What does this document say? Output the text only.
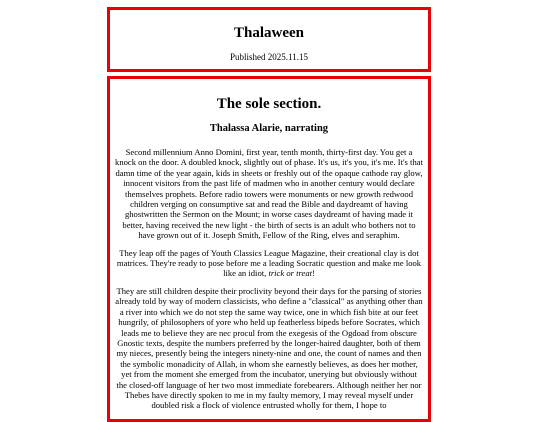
Thalaween

Published 2025.11.15

The sole section.
Thalassa Alarie, narrating

Second millennium Anno Domini, first year, tenth month, thirty-first day. You get a knock on the door. A doubled knock, slightly out of phase. It's us, it's you, it's me. It's that damn time of the year again, kids in sheets or freshly out of the opaque cathode ray glow, innocent visitors from the past life of madmen who in another century would declare themselves prophets. Before radio towers were monuments or new growth redwood children verging on consumptive sat and read the Bible and daydreamt of having ghostwritten the Sermon on the Mount; in worse cases daydreamt of having made it better, having received the new light - the birth of sects is an adult who bothers not to have grown out of it. Joseph Smith, Fellow of the Ring, elves and seraphim.

They leap off the pages of Youth Classics League Magazine, their creational clay is dot matrices. They're ready to pose before me a leading Socratic question and make me look like an idiot, trick or treat!

They are still children despite their proclivity beyond their days for the parsing of stories already told by way of modern classicists, who define a "classical" as anything other than a river into which we do not step the same way twice, one in which fish bite at our feet hungrily, of philosophers of yore who held up featherless bipeds before Socrates, which leads me to believe they are nec procul from the exegesis of the Ogdoad from obscure Gnostic texts, despite the numbers preferred by the longer-haired daughter, both of them my nieces, presently being the integers ninety-nine and one, the count of names and then the symbolic monadicity of Allah, in whom she earnestly believes, as does her mother, yet from the moment she emerged from the incubator, unerying but obviously without the closed-off language of her two most immediate forebearers. Although neither her nor Thebes have directly spoken to me in my faulty memory, I may reveal myself under doubled risk a flock of violence entrusted wholly for them, I hope to
